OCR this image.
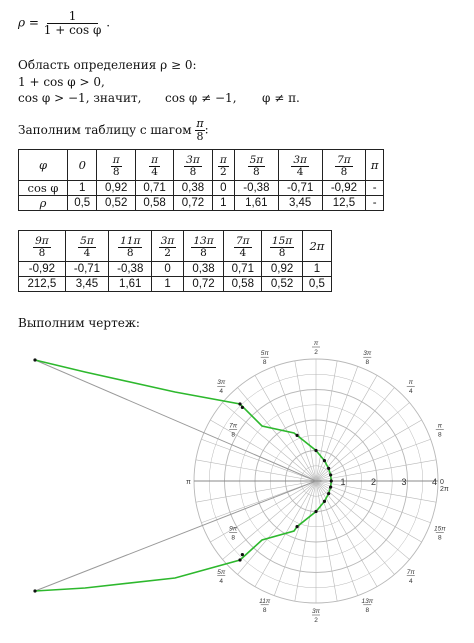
$\rho = \frac{1}{\text{1 + cos φ}}$ .
Область определения ρ ≥ 0:
1 + cos φ > 0,
cos φ > −1, значит, cos φ ≠ −1, φ ≠ π.
Заполним таблицу с шагом $\frac{\pi}{8}$ :
φ	0	$\frac{\pi}{8}$	$\frac{\pi}{4}$	$\frac{3\pi}{8}$	$\frac{\pi}{2}$	$\frac{5\pi}{8}$	$\frac{3\pi}{4}$	$\frac{7\pi}{8}$	π
cos φ	1	0,92	0,71	0,38	0	-0,38	-0,71	-0,92	-
ρ	0,5	0,52	0,58	0,72	1	1,61	3,45	12,5	-
$\frac{9\pi}{8}$	$\frac{5\pi}{4}$	$\frac{11\pi}{8}$	$\frac{3\pi}{2}$	$\frac{13\pi}{8}$	$\frac{7\pi}{4}$	$\frac{15\pi}{8}$	2π
-0,92	-0,71	-0,38	0	0,38	0,71	0,92	1
212,5	3,45	1,61	1	0,72	0,58	0,52	0,5
Выполним чертеж:
1	2	3	4 0
2π
π
π
2
5π
8
3π
8
3π
4
π
4
7π
8
π
8
9π
8
15π
8
5π
4
7π
4
11π
8
13π
8
3π
2
